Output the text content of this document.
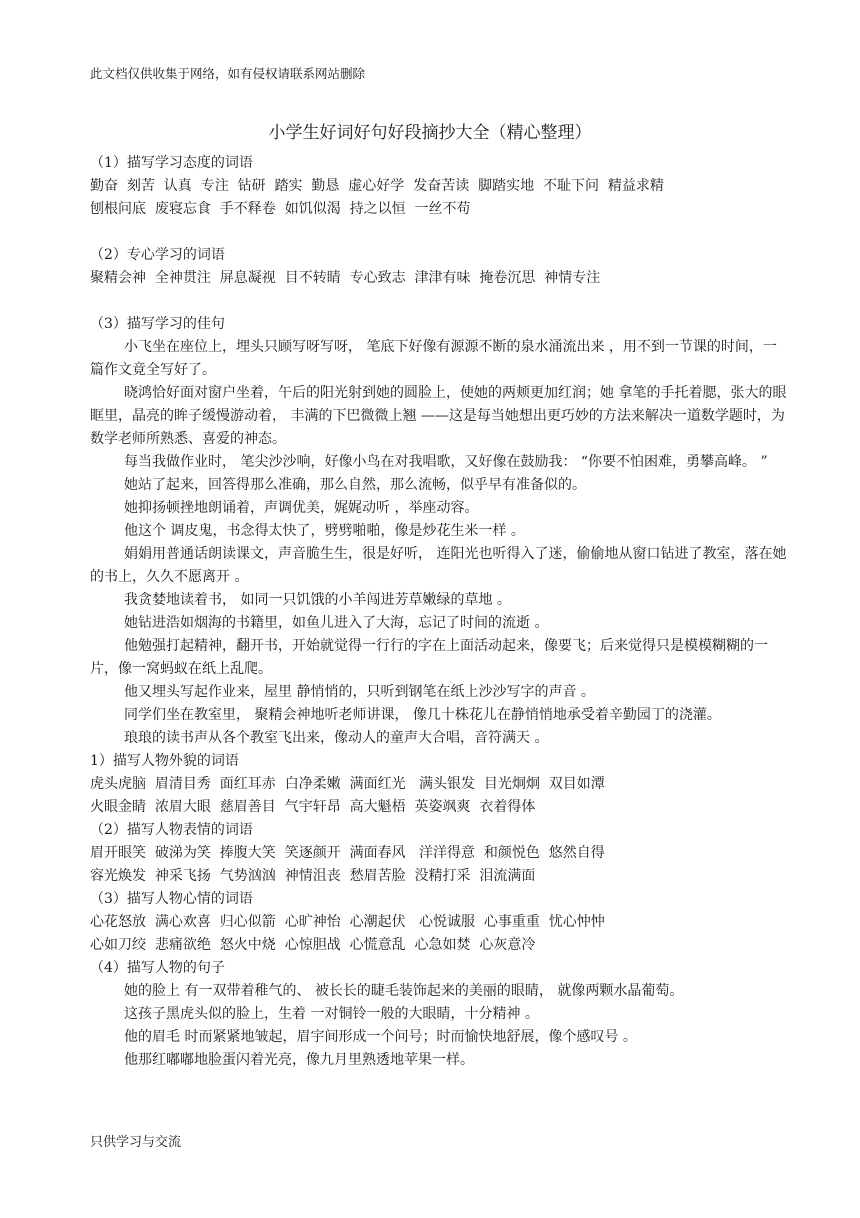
此文档仅供收集于网络，如有侵权请联系网站删除
小学生好词好句好段摘抄大全（精心整理）
（1）描写学习态度的词语
勤奋  刻苦  认真  专注  钻研  踏实  勤恳  虚心好学  发奋苦读  脚踏实地  不耻下问  精益求精
刨根问底  废寝忘食  手不释卷  如饥似渴  持之以恒  一丝不苟
（2）专心学习的词语
聚精会神  全神贯注  屏息凝视  目不转睛  专心致志  津津有味  掩卷沉思  神情专注
（3）描写学习的佳句
小飞坐在座位上，埋头只顾写呀写呀， 笔底下好像有源源不断的泉水涌流出来 ，用不到一节课的时间，一篇作文竟全写好了。
晓鸿恰好面对窗户坐着，午后的阳光射到她的圆脸上，使她的两颊更加红润；她 拿笔的手托着腮，张大的眼眶里，晶亮的眸子缓慢游动着， 丰满的下巴微微上翘 ——这是每当她想出更巧妙的方法来解决一道数学题时，为数学老师所熟悉、喜爱的神态。
每当我做作业时， 笔尖沙沙响，好像小鸟在对我唱歌，又好像在鼓励我： “你要不怕困难，勇攀高峰。 ”
她站了起来，回答得那么准确，那么自然，那么流畅，似乎早有准备似的。
她抑扬顿挫地朗诵着，声调优美，娓娓动听 ，举座动容。
他这个 调皮鬼，书念得太快了，劈劈啪啪，像是炒花生米一样 。
娟娟用普通话朗读课文，声音脆生生，很是好听， 连阳光也听得入了迷，偷偷地从窗口钻进了教室，落在她的书上，久久不愿离开 。
我贪婪地读着书， 如同一只饥饿的小羊闯进芳草嫩绿的草地 。
她钻进浩如烟海的书籍里，如鱼儿进入了大海，忘记了时间的流逝 。
他勉强打起精神，翻开书，开始就觉得一行行的字在上面活动起来，像要飞；后来觉得只是模模糊糊的一片，像一窝蚂蚁在纸上乱爬。
他又埋头写起作业来，屋里 静悄悄的，只听到钢笔在纸上沙沙写字的声音 。
同学们坐在教室里， 聚精会神地听老师讲课， 像几十株花儿在静悄悄地承受着辛勤园丁的浇灌。
琅琅的读书声从各个教室飞出来，像动人的童声大合唱，音符满天 。
1）描写人物外貌的词语
虎头虎脑  眉清目秀  面红耳赤  白净柔嫩  满面红光   满头银发  目光炯炯  双目如潭
火眼金睛  浓眉大眼  慈眉善目  气宇轩昂  高大魁梧  英姿飒爽  衣着得体
（2）描写人物表情的词语
眉开眼笑  破涕为笑  捧腹大笑  笑逐颜开  满面春风   洋洋得意  和颜悦色  悠然自得
容光焕发  神采飞扬  气势汹汹  神情沮丧  愁眉苦脸  没精打采  泪流满面
（3）描写人物心情的词语
心花怒放  满心欢喜  归心似箭  心旷神怡  心潮起伏   心悦诚服  心事重重  忧心忡忡
心如刀绞  悲痛欲绝  怒火中烧  心惊胆战  心慌意乱  心急如焚  心灰意冷
（4）描写人物的句子
她的脸上 有一双带着稚气的、 被长长的睫毛装饰起来的美丽的眼睛， 就像两颗水晶葡萄。
这孩子黑虎头似的脸上，生着 一对铜铃一般的大眼睛，十分精神 。
他的眉毛 时而紧紧地皱起，眉宇间形成一个问号；时而愉快地舒展，像个感叹号 。
他那红嘟嘟地脸蛋闪着光亮，像九月里熟透地苹果一样。
只供学习与交流
